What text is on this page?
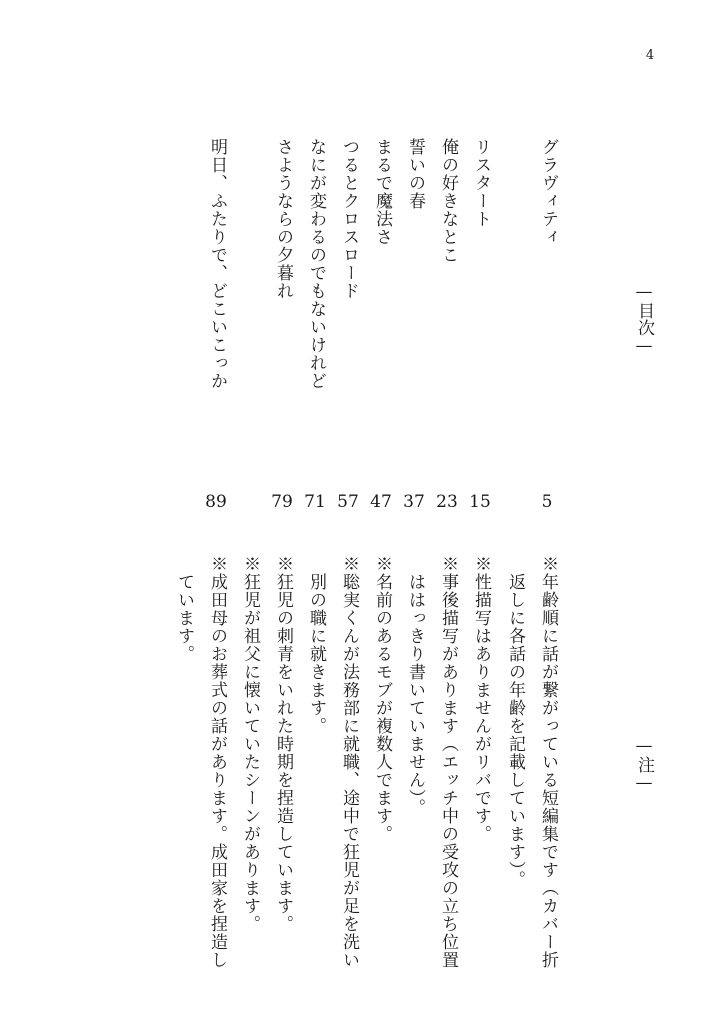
4
—目次—
グラヴィティ
リスタート
俺の好きなとこ
誓いの春
まるで魔法さ
つるとクロスロード
なにが変わるのでもないけれど
さようならの夕暮れ
明日、ふたりで、どこいこっか
5
15
23
37
47
57
71
79
89
—注—
※年齢順に話が繋がっている短編集です（カバー折
　返しに各話の年齢を記載しています）。
※性描写はありませんがリバです。
※事後描写があります（エッチ中の受攻の立ち位置
　ははっきり書いていません）。
※名前のあるモブが複数人でます。
※聡実くんが法務部に就職、途中で狂児が足を洗い
　別の職に就きます。
※狂児の刺青をいれた時期を捏造しています。
※狂児が祖父に懐いていたシーンがあります。
※成田母のお葬式の話があります。成田家を捏造し
　ています。
